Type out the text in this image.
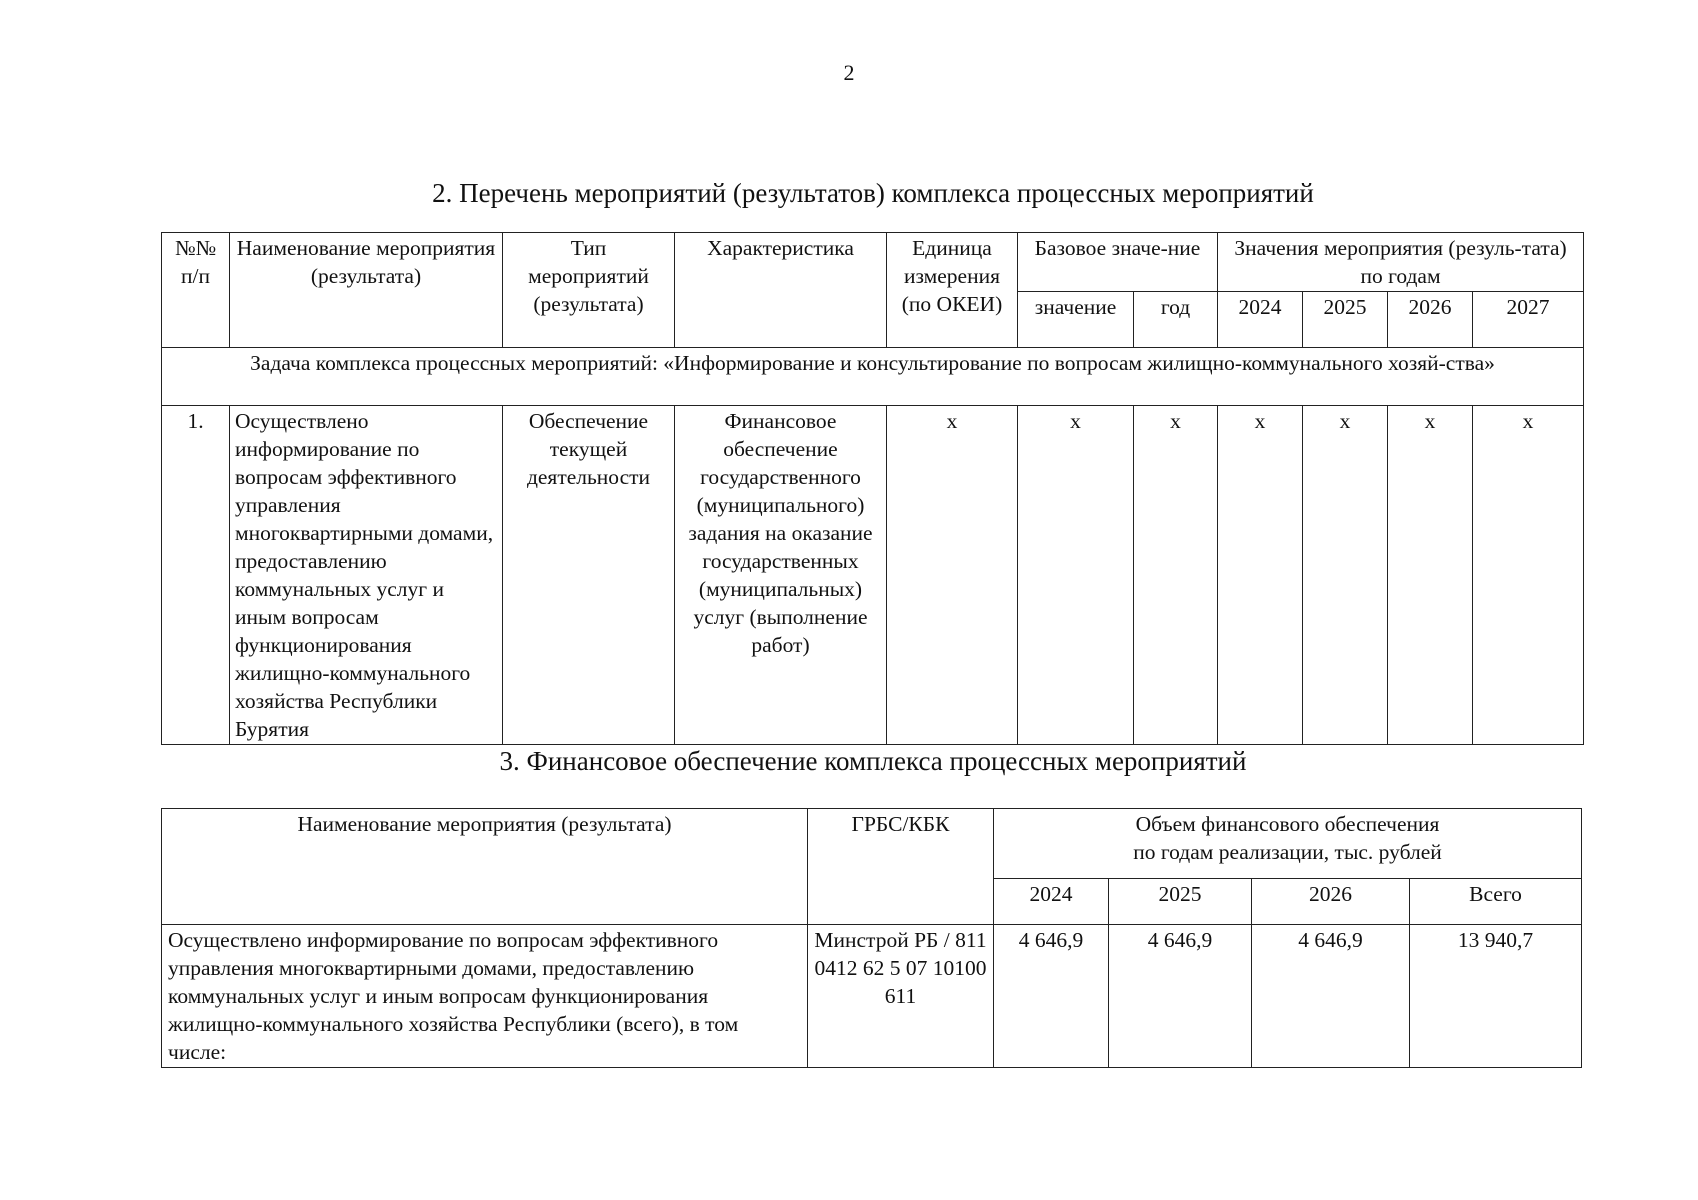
2
2. Перечень мероприятий (результатов) комплекса процессных мероприятий
№№ п/п	Наименование мероприятия (результата)	Тип мероприятий (результата)	Характеристика	Единица измерения (по ОКЕИ)	Базовое значе-ние		Значения мероприятия (резуль-тата) по годам			
					значение	год	2024	2025	2026	2027
Задача комплекса процессных мероприятий: «Информирование и консультирование по вопросам жилищно-коммунального хозяй-ства»										
1.	Осуществлено информирование по вопросам эффективного управления многоквартирными домами, предоставлению коммунальных услуг и иным вопросам функционирования жилищно-коммунального хозяйства Республики Бурятия	Обеспечение текущей деятельности	Финансовое обеспечение государственного (муниципального) задания на оказание государственных (муниципальных) услуг (выполнение работ)	х	х	х	х	х	х	х
3. Финансовое обеспечение комплекса процессных мероприятий
Наименование мероприятия (результата)	ГРБС/КБК	Объем финансового обеспечения
по годам реализации, тыс. рублей			

		2024	2025	2026	Всего
Осуществлено информирование по вопросам эффективного управления многоквартирными домами, предоставлению коммунальных услуг и иным вопросам функционирования жилищно-коммунального хозяйства Республики (всего), в том числе:	Минстрой РБ / 811 0412 62 5 07 10100 611	4 646,9	4 646,9	4 646,9	13 940,7
